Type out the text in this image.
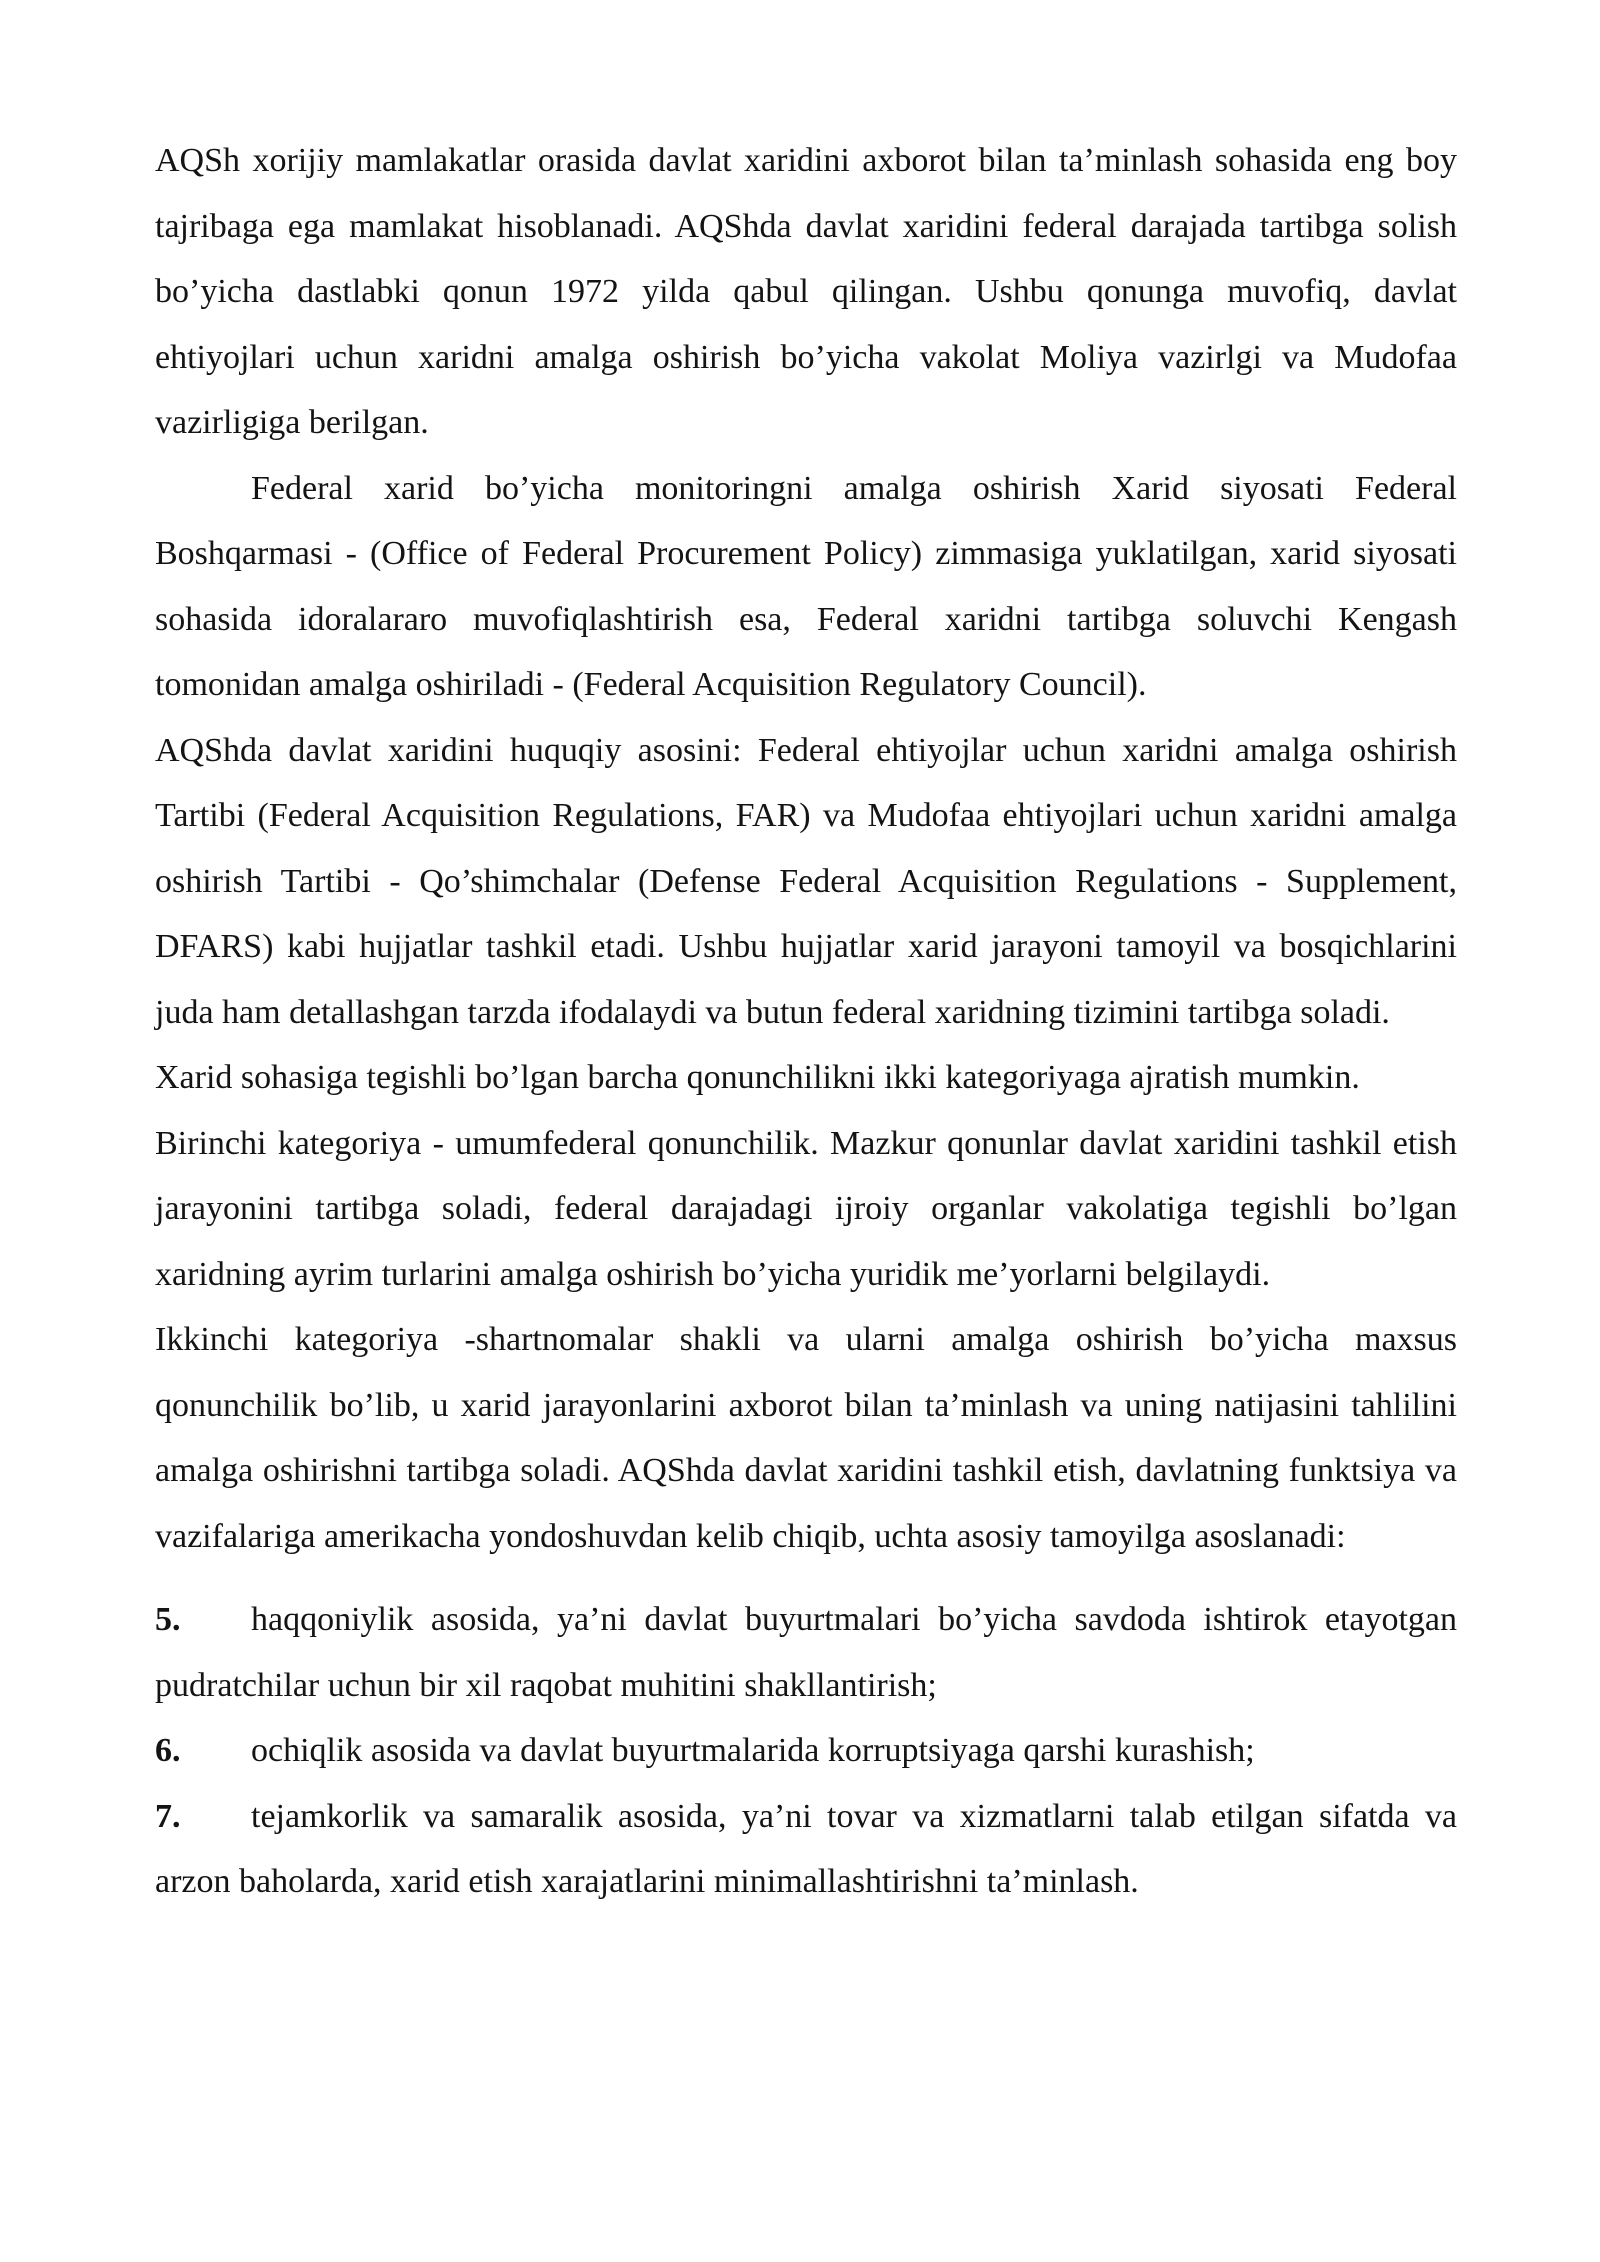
AQSh xorijiy mamlakatlar orasida davlat xaridini axborot bilan ta’minlash sohasida eng boy tajribaga ega mamlakat hisoblanadi. AQShda davlat xaridini federal darajada tartibga solish bo’yicha dastlabki qonun 1972 yilda qabul qilingan. Ushbu qonunga muvofiq, davlat ehtiyojlari uchun xaridni amalga oshirish bo’yicha vakolat Moliya vazirlgi va Mudofaa vazirligiga berilgan.

Federal xarid bo’yicha monitoringni amalga oshirish Xarid siyosati Federal Boshqarmasi - (Office of Federal Procurement Policy) zimmasiga yuklatilgan, xarid siyosati sohasida idoralararo muvofiqlashtirish esa, Federal xaridni tartibga soluvchi Kengash tomonidan amalga oshiriladi - (Federal Acquisition Regulatory Council).

AQShda davlat xaridini huquqiy asosini: Federal ehtiyojlar uchun xaridni amalga oshirish Tartibi (Federal Acquisition Regulations, FAR) va Mudofaa ehtiyojlari uchun xaridni amalga oshirish Tartibi - Qo’shimchalar (Defense Federal Acquisition Regulations - Supplement, DFARS) kabi hujjatlar tashkil etadi. Ushbu hujjatlar xarid jarayoni tamoyil va bosqichlarini juda ham detallashgan tarzda ifodalaydi va butun federal xaridning tizimini tartibga soladi.

Xarid sohasiga tegishli bo’lgan barcha qonunchilikni ikki kategoriyaga ajratish mumkin.

Birinchi kategoriya - umumfederal qonunchilik. Mazkur qonunlar davlat xaridini tashkil etish jarayonini tartibga soladi, federal darajadagi ijroiy organlar vakolatiga tegishli bo’lgan xaridning ayrim turlarini amalga oshirish bo’yicha yuridik me’yorlarni belgilaydi.

Ikkinchi kategoriya -shartnomalar shakli va ularni amalga oshirish bo’yicha maxsus qonunchilik bo’lib, u xarid jarayonlarini axborot bilan ta’minlash va uning natijasini tahlilini amalga oshirishni tartibga soladi. AQShda davlat xaridini tashkil etish, davlatning funktsiya va vazifalariga amerikacha yondoshuvdan kelib chiqib, uchta asosiy tamoyilga asoslanadi:

5. haqqoniylik asosida, ya’ni davlat buyurtmalari bo’yicha savdoda ishtirok etayotgan pudratchilar uchun bir xil raqobat muhitini shakllantirish;
6. ochiqlik asosida va davlat buyurtmalarida korruptsiyaga qarshi kurashish;
7. tejamkorlik va samaralik asosida, ya’ni tovar va xizmatlarni talab etilgan sifatda va arzon baholarda, xarid etish xarajatlarini minimallashtirishni ta’minlash.
